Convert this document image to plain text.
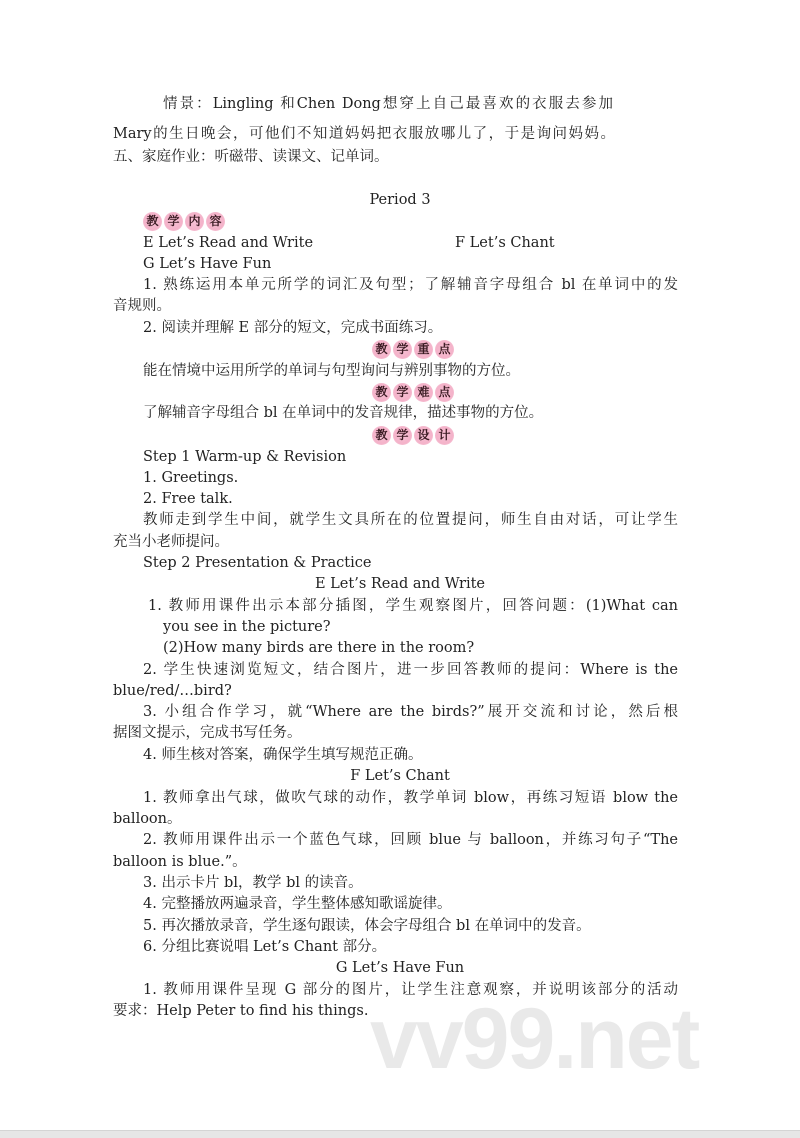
vv99.net
情景：Lingling 和Chen Dong想穿上自己最喜欢的衣服去参加
Mary的生日晚会，可他们不知道妈妈把衣服放哪儿了，于是询问妈妈。
五、家庭作业：听磁带、读课文、记单词。
Period 3
教 学 内 容
E Let’s Read and Write	F Let’s Chant
G Let’s Have Fun
1. 熟练运用本单元所学的词汇及句型；了解辅音字母组合 bl 在单词中的发
音规则。
2. 阅读并理解 E 部分的短文，完成书面练习。
教 学 重 点
能在情境中运用所学的单词与句型询问与辨别事物的方位。
教 学 难 点
了解辅音字母组合 bl 在单词中的发音规律，描述事物的方位。
教 学 设 计
Step 1 Warm-up & Revision
1. Greetings.
2. Free talk.
教师走到学生中间，就学生文具所在的位置提问，师生自由对话，可让学生
充当小老师提问。
Step 2 Presentation & Practice
E Let’s Read and Write
1. 教师用课件出示本部分插图，学生观察图片，回答问题：(1)What can
you see in the picture?
(2)How many birds are there in the room?
2. 学生快速浏览短文，结合图片，进一步回答教师的提问：Where is the
blue/red/…bird?
3. 小组合作学习，就“Where are the birds?”展开交流和讨论，然后根
据图文提示，完成书写任务。
4. 师生核对答案，确保学生填写规范正确。
F Let’s Chant
1. 教师拿出气球，做吹气球的动作，教学单词 blow，再练习短语 blow the
balloon。
2. 教师用课件出示一个蓝色气球，回顾 blue 与 balloon，并练习句子“The
balloon is blue.”。
3. 出示卡片 bl，教学 bl 的读音。
4. 完整播放两遍录音，学生整体感知歌谣旋律。
5. 再次播放录音，学生逐句跟读，体会字母组合 bl 在单词中的发音。
6. 分组比赛说唱 Let’s Chant 部分。
G Let’s Have Fun
1. 教师用课件呈现 G 部分的图片，让学生注意观察，并说明该部分的活动
要求：Help Peter to find his things.
